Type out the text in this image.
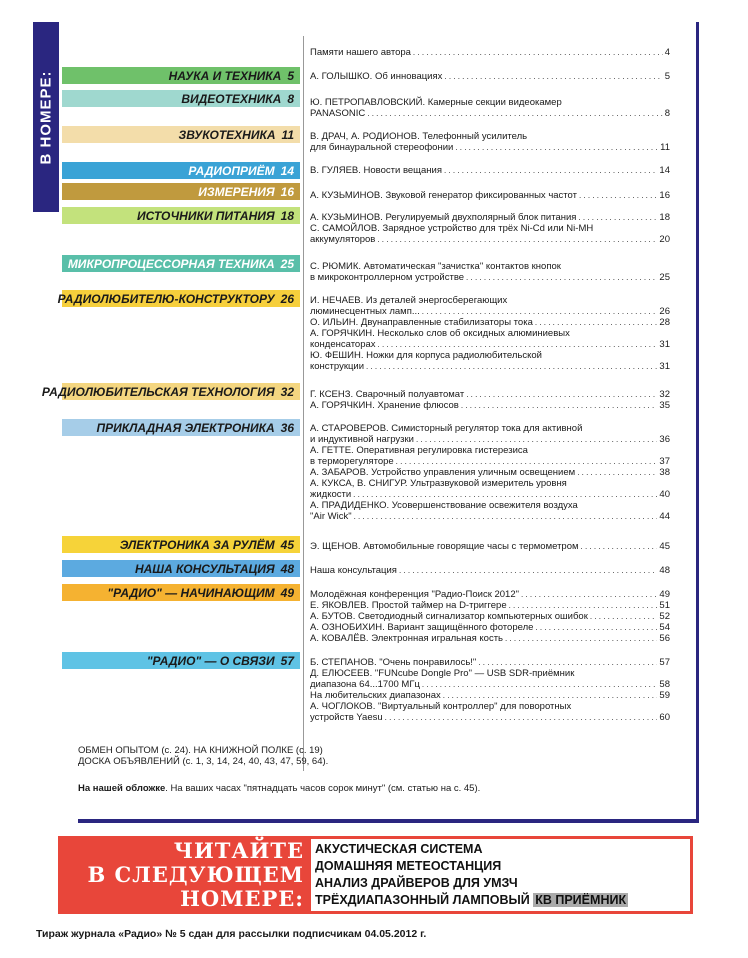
В НОМЕРЕ:	НАУКА И ТЕХНИКА 5
ВИДЕОТЕХНИКА 8
ЗВУКОТЕХНИКА 11
РАДИОПРИЁМ 14
ИЗМЕРЕНИЯ 16
ИСТОЧНИКИ ПИТАНИЯ 18
МИКРОПРОЦЕССОРНАЯ ТЕХНИКА 25
РАДИОЛЮБИТЕЛЮ-КОНСТРУКТОРУ 26
РАДИОЛЮБИТЕЛЬСКАЯ ТЕХНОЛОГИЯ 32
ПРИКЛАДНАЯ ЭЛЕКТРОНИКА 36
ЭЛЕКТРОНИКА ЗА РУЛЁМ 45
НАША КОНСУЛЬТАЦИЯ 48
"РАДИО" — НАЧИНАЮЩИМ 49
"РАДИО" — О СВЯЗИ 57
Памяти нашего автора . . .	4
А. ГОЛЫШКО. Об инновациях . . .	5
Ю. ПЕТРОПАВЛОВСКИЙ. Камерные секции видеокамер
PANASONIC . . .	8
В. ДРАЧ, А. РОДИОНОВ. Телефонный усилитель
для бинауральной стереофонии . . .	11
В. ГУЛЯЕВ. Новости вещания . . .	14
А. КУЗЬМИНОВ. Звуковой генератор фиксированных частот . . .	16
А. КУЗЬМИНОВ. Регулируемый двухполярный блок питания . . .	18
С. САМОЙЛОВ. Зарядное устройство для трёх Ni-Cd или Ni-MH
аккумуляторов . . .	20
С. РЮМИК. Автоматическая "зачистка" контактов кнопок
в микроконтроллерном устройстве . . .	25
И. НЕЧАЕВ. Из деталей энергосберегающих
люминесцентных ламп... . . .	26
О. ИЛЬИН. Двунаправленные стабилизаторы тока . . .	28
А. ГОРЯЧКИН. Несколько слов об оксидных алюминиевых
конденсаторах . . .	31
Ю. ФЕШИН. Ножки для корпуса радиолюбительской
конструкции . . .	31
Г. КСЕНЗ. Сварочный полуавтомат . . .	32
А. ГОРЯЧКИН. Хранение флюсов . . .	35
А. СТАРОВЕРОВ. Симисторный регулятор тока для активной
и индуктивной нагрузки . . .	36
А. ГЕТТЕ. Оперативная регулировка гистерезиса
в терморегуляторе . . .	37
А. ЗАБАРОВ. Устройство управления уличным освещением . . .	38
А. КУКСА, В. СНИГУР. Ультразвуковой измеритель уровня
жидкости . . .	40
А. ПРАДИДЕНКО. Усовершенствование освежителя воздуха
"Air Wick" . . .	44
Э. ЩЕНОВ. Автомобильные говорящие часы с термометром . . .	45
Наша консультация . . .	48
Молодёжная конференция "Радио-Поиск 2012" . . .	49
Е. ЯКОВЛЕВ. Простой таймер на D-триггере . . .	51
А. БУТОВ. Светодиодный сигнализатор компьютерных ошибок . . .	52
А. ОЗНОБИХИН. Вариант защищённого фотореле . . .	54
А. КОВАЛЁВ. Электронная игральная кость . . .	56
Б. СТЕПАНОВ. "Очень понравилось!" . . .	57
Д. ЕЛЮСЕЕВ. "FUNcube Dongle Pro" — USB SDR-приёмник
диапазона 64...1700 МГц . . .	58
На любительских диапазонах . . .	59
А. ЧОГЛОКОВ. "Виртуальный контроллер" для поворотных
устройств Yaesu . . .	60
ОБМЕН ОПЫТОМ (с. 24). НА КНИЖНОЙ ПОЛКЕ (с. 19)
ДОСКА ОБЪЯВЛЕНИЙ (с. 1, 3, 14, 24, 40, 43, 47, 59, 64).
На нашей обложке. На ваших часах "пятнадцать часов сорок минут" (см. статью на с. 45).
ЧИТАЙТЕ
В СЛЕДУЮЩЕМ
НОМЕРЕ:
АКУСТИЧЕСКАЯ СИСТЕМА
ДОМАШНЯЯ МЕТЕОСТАНЦИЯ
АНАЛИЗ ДРАЙВЕРОВ ДЛЯ УМЗЧ
ТРЁХДИАПАЗОННЫЙ ЛАМПОВЫЙ КВ ПРИЁМНИК
Тираж журнала «Радио» № 5 сдан для рассылки подписчикам 04.05.2012 г.
